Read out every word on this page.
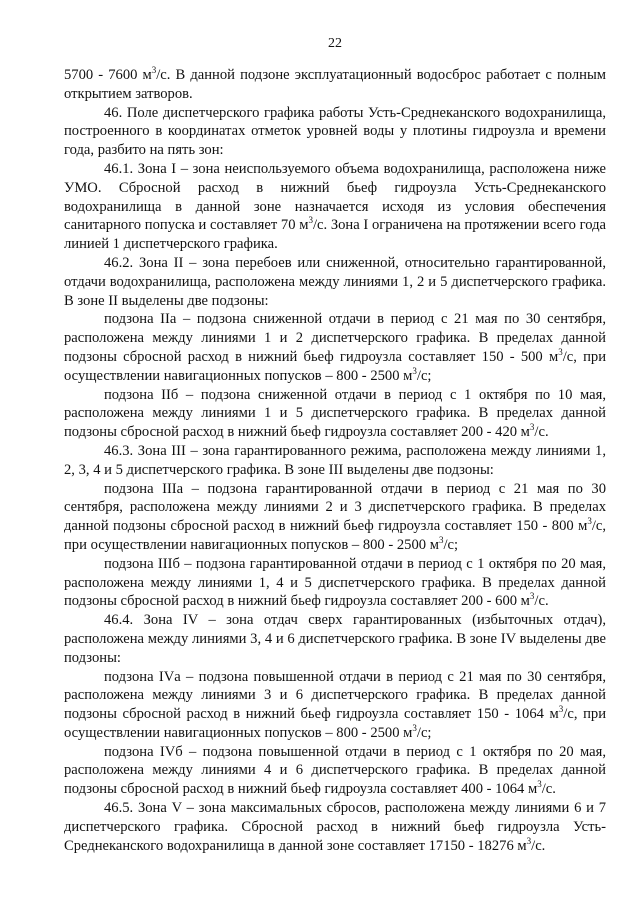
22

5700 - 7600 $м^3/с$. В данной подзоне эксплуатационный водосброс работает с полным открытием затворов.

46. Поле диспетчерского графика работы Усть-Среднеканского водохранилища, построенного в координатах отметок уровней воды у плотины гидроузла и времени года, разбито на пять зон:

46.1. Зона I – зона неиспользуемого объема водохранилища, расположена ниже УМО. Сбросной расход в нижний бьеф гидроузла Усть-Среднеканского водохранилища в данной зоне назначается исходя из условия обеспечения санитарного попуска и составляет 70 $м^3/с$. Зона I ограничена на протяжении всего года линией 1 диспетчерского графика.

46.2. Зона II – зона перебоев или сниженной, относительно гарантированной, отдачи водохранилища, расположена между линиями 1, 2 и 5 диспетчерского графика. В зоне II выделены две подзоны:

подзона IIа – подзона сниженной отдачи в период с 21 мая по 30 сентября, расположена между линиями 1 и 2 диспетчерского графика. В пределах данной подзоны сбросной расход в нижний бьеф гидроузла составляет 150 - 500 $м^3/с$, при осуществлении навигационных попусков – 800 - 2500 $м^3/с$;

подзона IIб – подзона сниженной отдачи в период с 1 октября по 10 мая, расположена между линиями 1 и 5 диспетчерского графика. В пределах данной подзоны сбросной расход в нижний бьеф гидроузла составляет 200 - 420 $м^3/с$.

46.3. Зона III – зона гарантированного режима, расположена между линиями 1, 2, 3, 4 и 5 диспетчерского графика. В зоне III выделены две подзоны:

подзона IIIа – подзона гарантированной отдачи в период с 21 мая по 30 сентября, расположена между линиями 2 и 3 диспетчерского графика. В пределах данной подзоны сбросной расход в нижний бьеф гидроузла составляет 150 - 800 $м^3/с$, при осуществлении навигационных попусков – 800 - 2500 $м^3/с$;

подзона IIIб – подзона гарантированной отдачи в период с 1 октября по 20 мая, расположена между линиями 1, 4 и 5 диспетчерского графика. В пределах данной подзоны сбросной расход в нижний бьеф гидроузла составляет 200 - 600 $м^3/с$.

46.4. Зона IV – зона отдач сверх гарантированных (избыточных отдач), расположена между линиями 3, 4 и 6 диспетчерского графика. В зоне IV выделены две подзоны:

подзона IVа – подзона повышенной отдачи в период с 21 мая по 30 сентября, расположена между линиями 3 и 6 диспетчерского графика. В пределах данной подзоны сбросной расход в нижний бьеф гидроузла составляет 150 - 1064 $м^3/с$, при осуществлении навигационных попусков – 800 - 2500 $м^3/с$;

подзона IVб – подзона повышенной отдачи в период с 1 октября по 20 мая, расположена между линиями 4 и 6 диспетчерского графика. В пределах данной подзоны сбросной расход в нижний бьеф гидроузла составляет 400 - 1064 $м^3/с$.

46.5. Зона V – зона максимальных сбросов, расположена между линиями 6 и 7 диспетчерского графика. Сбросной расход в нижний бьеф гидроузла Усть-Среднеканского водохранилища в данной зоне составляет 17150 - 18276 $м^3/с$.
